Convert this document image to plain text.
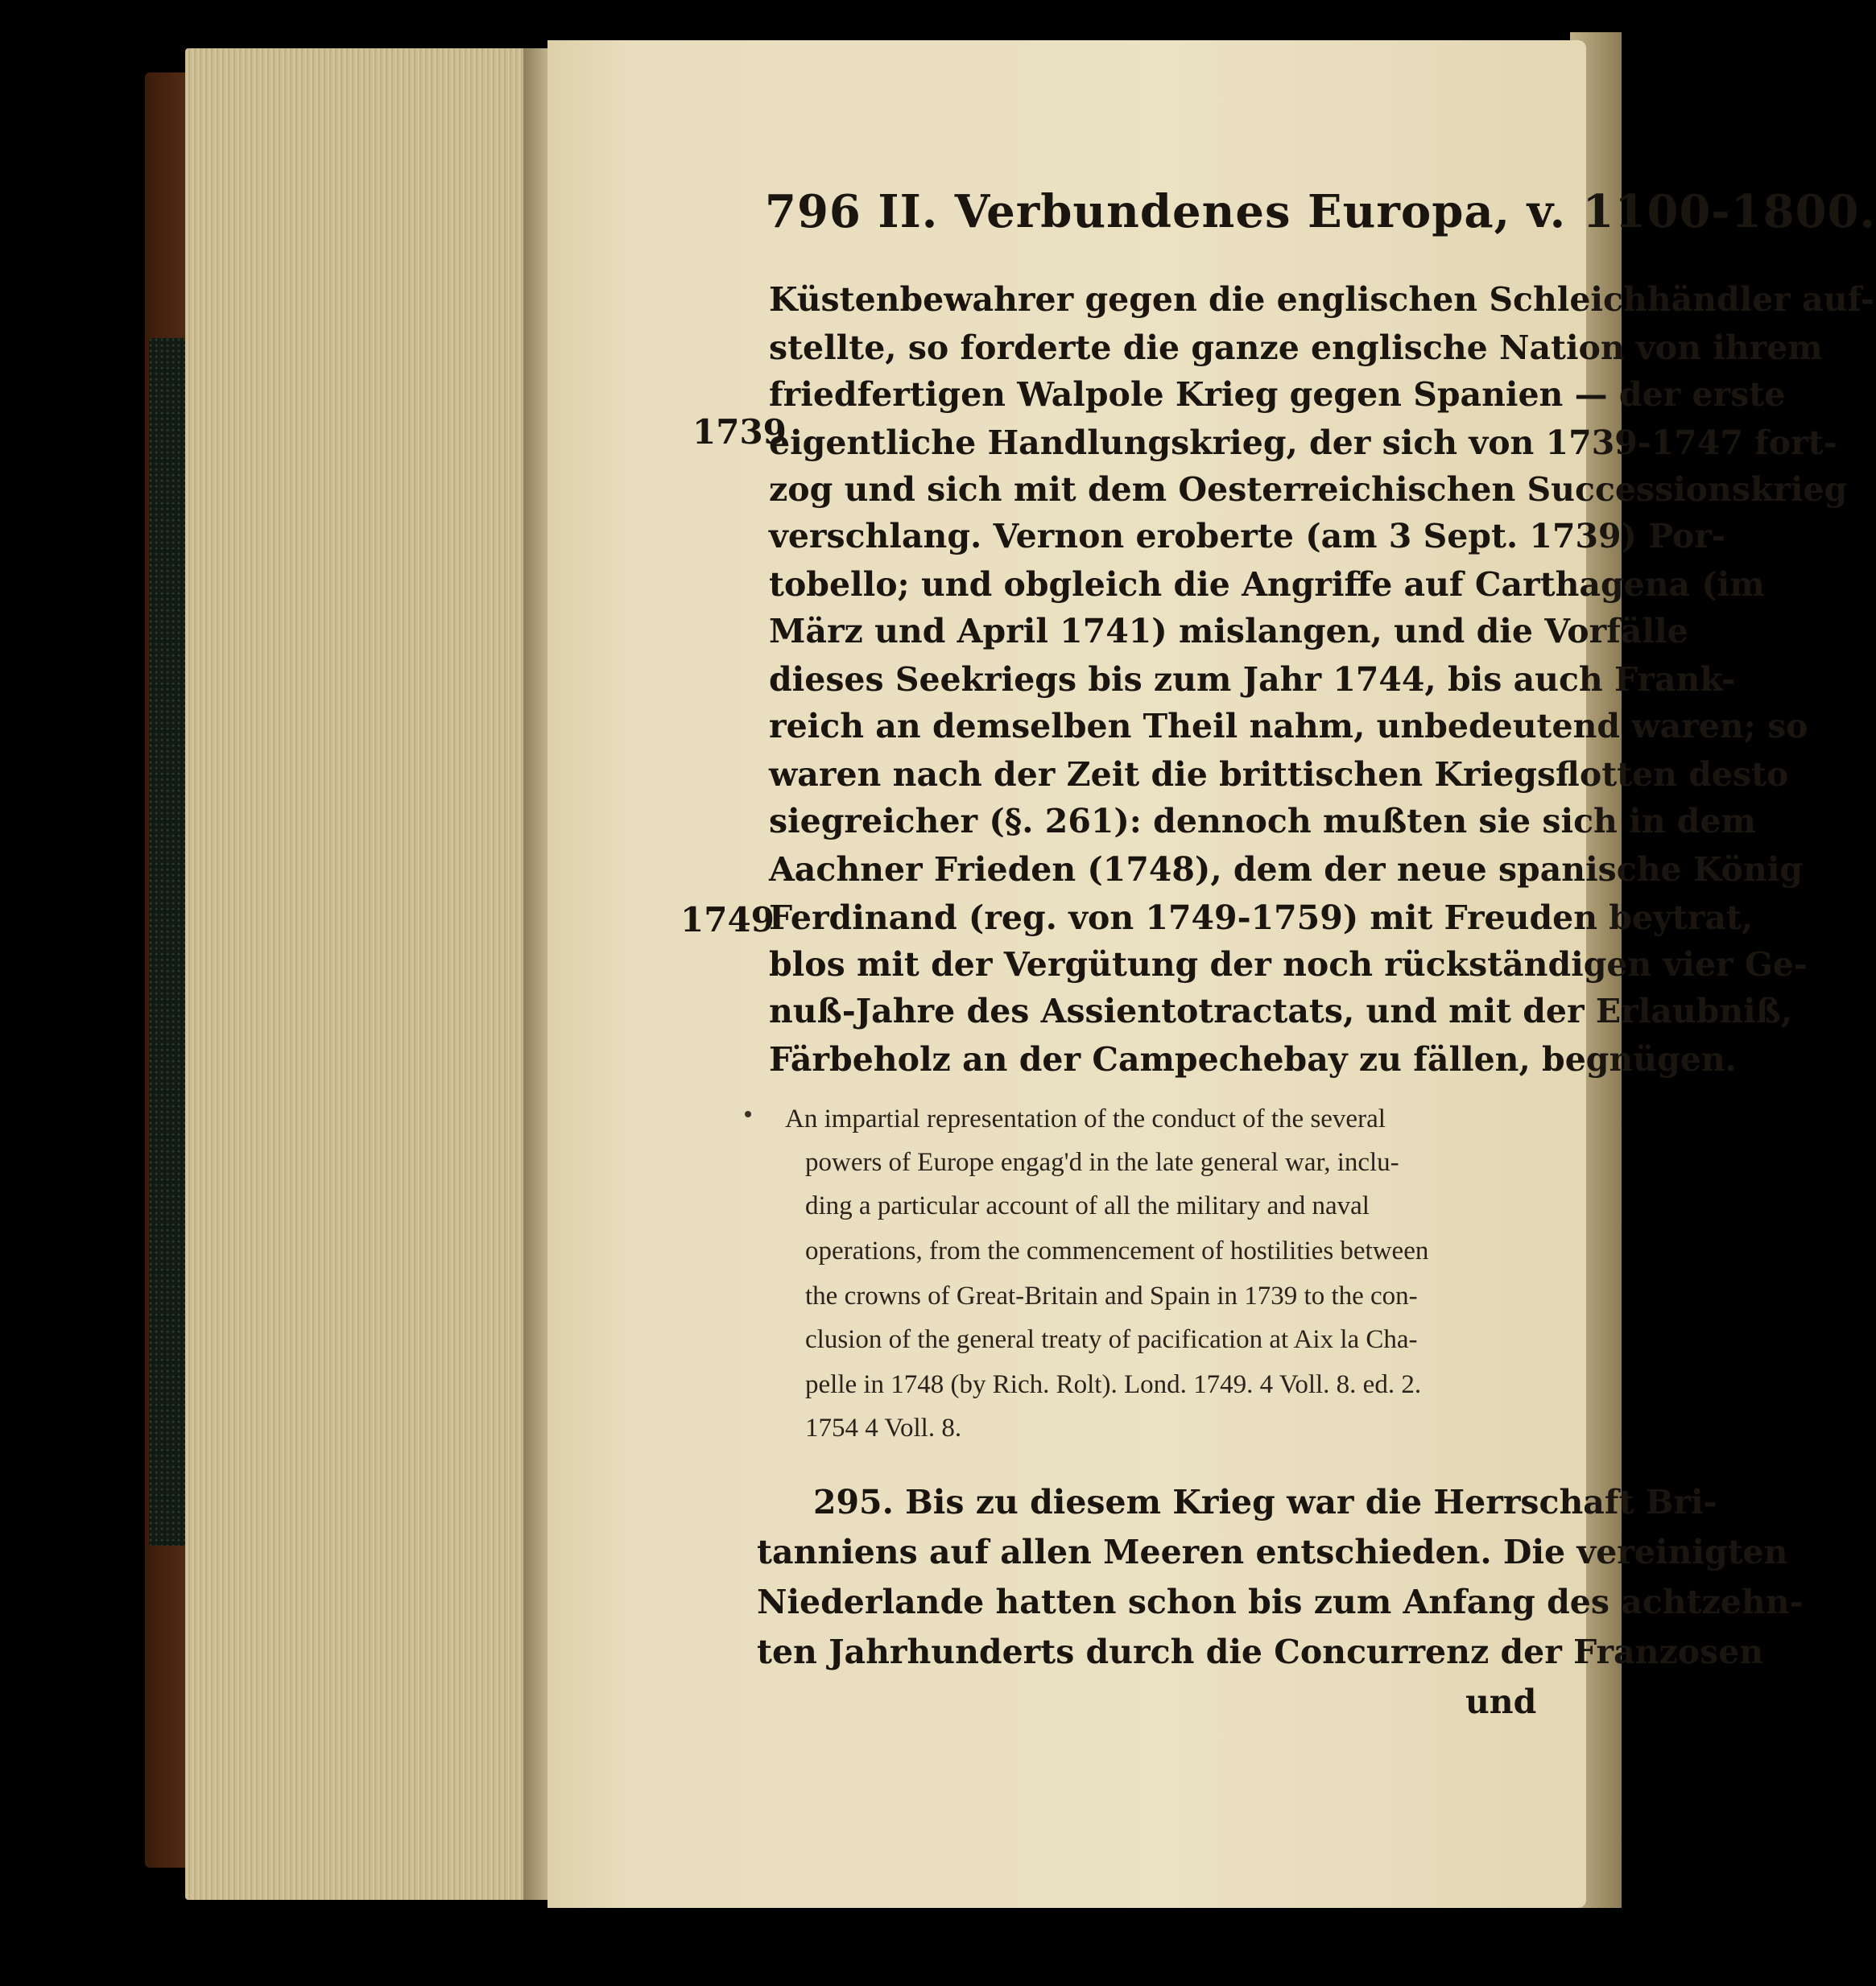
796 II. Verbundenes Europa, v. 1100-1800.

1739

1749

Küstenbewahrer gegen die englischen Schleichhändler auf-

stellte, so forderte die ganze englische Nation von ihrem

friedfertigen Walpole Krieg gegen Spanien — der erste

eigentliche Handlungskrieg, der sich von 1739-1747 fort-

zog und sich mit dem Oesterreichischen Successionskrieg

verschlang. Vernon eroberte (am 3 Sept. 1739) Por-

tobello; und obgleich die Angriffe auf Carthagena (im

März und April 1741) mislangen, und die Vorfälle

dieses Seekriegs bis zum Jahr 1744, bis auch Frank-

reich an demselben Theil nahm, unbedeutend waren; so

waren nach der Zeit die brittischen Kriegsflotten desto

siegreicher (§. 261): dennoch mußten sie sich in dem

Aachner Frieden (1748), dem der neue spanische König

Ferdinand (reg. von 1749-1759) mit Freuden beytrat,

blos mit der Vergütung der noch rückständigen vier Ge-

nuß-Jahre des Assientotractats, und mit der Erlaubniß,

Färbeholz an der Campechebay zu fällen, begnügen.

An impartial representation of the conduct of the several

powers of Europe engag'd in the late general war, inclu-

ding a particular account of all the military and naval

operations, from the commencement of hostilities between

the crowns of Great-Britain and Spain in 1739 to the con-

clusion of the general treaty of pacification at Aix la Cha-

pelle in 1748 (by Rich. Rolt). Lond. 1749. 4 Voll. 8. ed. 2.

1754 4 Voll. 8.

295. Bis zu diesem Krieg war die Herrschaft Bri-

tanniens auf allen Meeren entschieden. Die vereinigten

Niederlande hatten schon bis zum Anfang des achtzehn-

ten Jahrhunderts durch die Concurrenz der Franzosen

und
